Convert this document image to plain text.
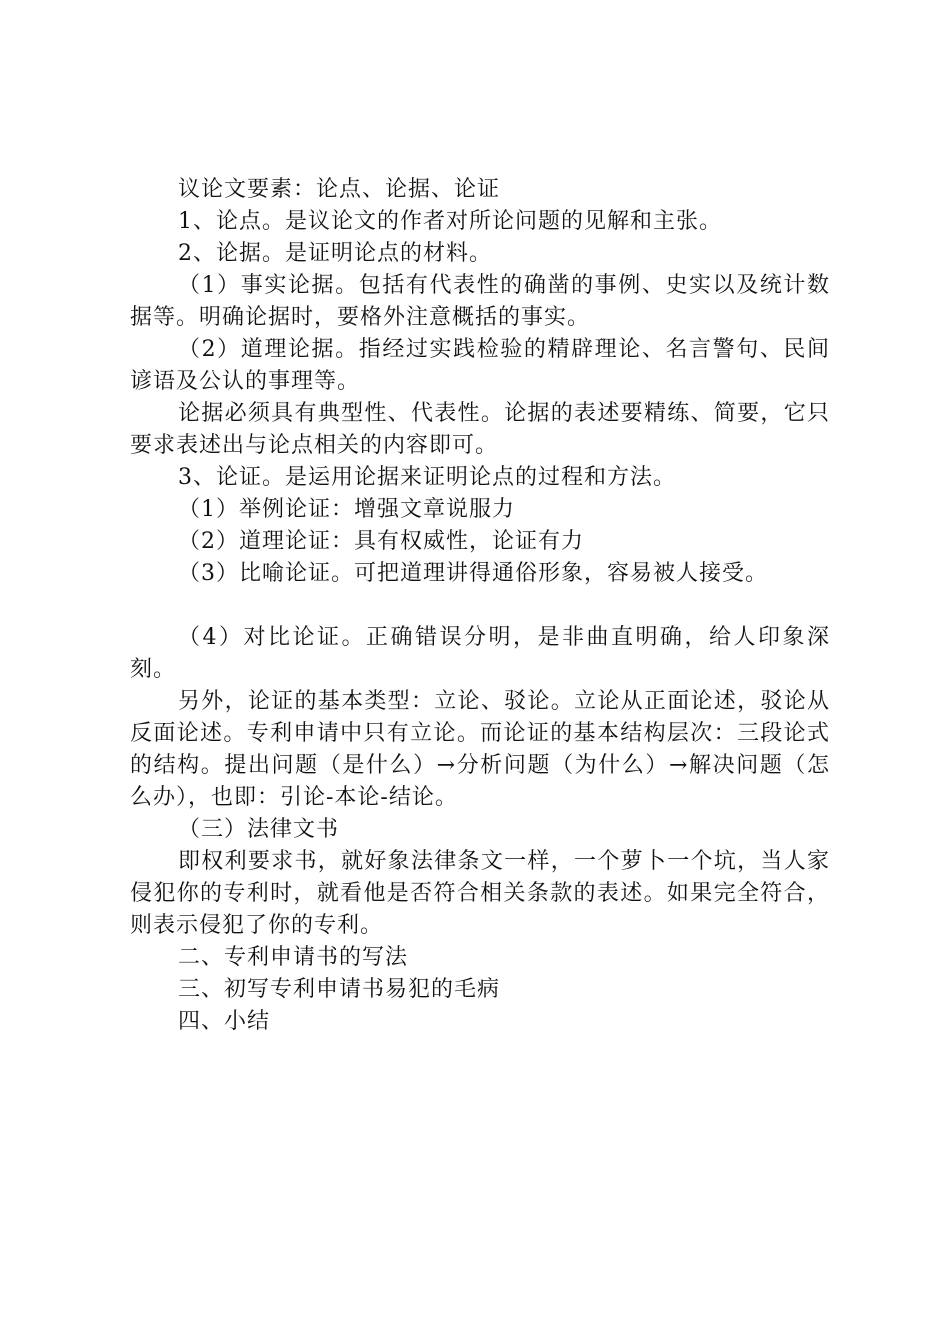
议论文要素：论点、论据、论证

1、论点。是议论文的作者对所论问题的见解和主张。

2、论据。是证明论点的材料。

（1）事实论据。包括有代表性的确凿的事例、史实以及统计数据等。明确论据时，要格外注意概括的事实。

（2）道理论据。指经过实践检验的精辟理论、名言警句、民间谚语及公认的事理等。

论据必须具有典型性、代表性。论据的表述要精练、简要，它只要求表述出与论点相关的内容即可。

3、论证。是运用论据来证明论点的过程和方法。

（1）举例论证：增强文章说服力

（2）道理论证：具有权威性，论证有力

（3）比喻论证。可把道理讲得通俗形象，容易被人接受。

（4）对比论证。正确错误分明，是非曲直明确，给人印象深刻。

另外，论证的基本类型：立论、驳论。立论从正面论述，驳论从反面论述。专利申请中只有立论。而论证的基本结构层次：三段论式的结构。提出问题（是什么）→分析问题（为什么）→解决问题（怎么办），也即：引论-本论-结论。

（三）法律文书

即权利要求书，就好象法律条文一样，一个萝卜一个坑，当人家侵犯你的专利时，就看他是否符合相关条款的表述。如果完全符合，则表示侵犯了你的专利。

二、专利申请书的写法

三、初写专利申请书易犯的毛病

四、小结
